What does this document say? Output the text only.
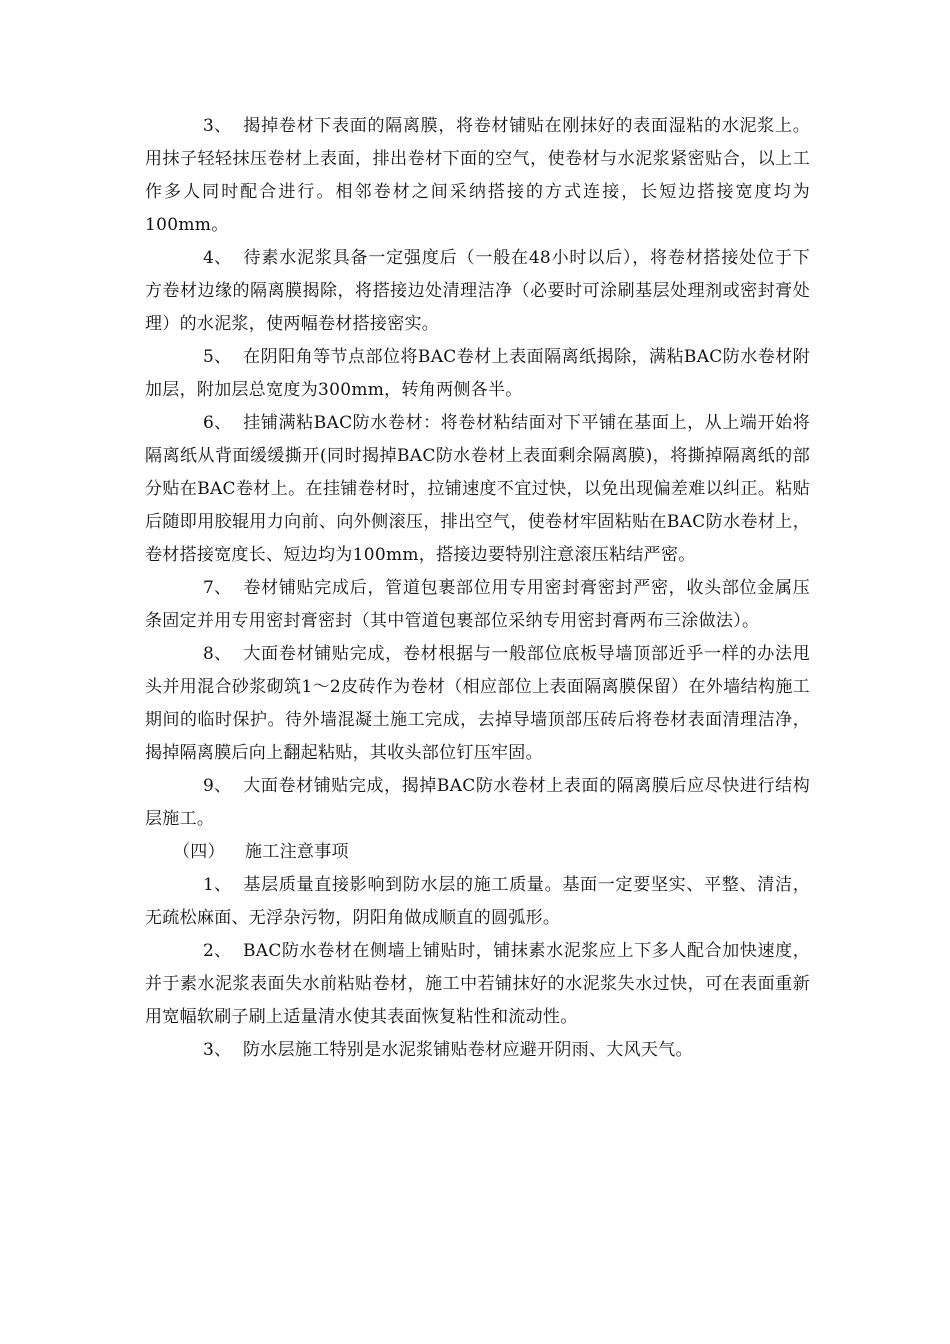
3、 揭掉卷材下表面的隔离膜，将卷材铺贴在刚抹好的表面湿粘的水泥浆上。用抹子轻轻抹压卷材上表面，排出卷材下面的空气，使卷材与水泥浆紧密贴合，以上工作多人同时配合进行。相邻卷材之间采纳搭接的方式连接，长短边搭接宽度均为100mm。

4、 待素水泥浆具备一定强度后（一般在48小时以后），将卷材搭接处位于下方卷材边缘的隔离膜揭除，将搭接边处清理洁净（必要时可涂刷基层处理剂或密封膏处理）的水泥浆，使两幅卷材搭接密实。

5、 在阴阳角等节点部位将BAC卷材上表面隔离纸揭除，满粘BAC防水卷材附加层，附加层总宽度为300mm，转角两侧各半。

6、 挂铺满粘BAC防水卷材：将卷材粘结面对下平铺在基面上，从上端开始将隔离纸从背面缓缓撕开(同时揭掉BAC防水卷材上表面剩余隔离膜)，将撕掉隔离纸的部分贴在BAC卷材上。在挂铺卷材时，拉铺速度不宜过快，以免出现偏差难以纠正。粘贴后随即用胶辊用力向前、向外侧滚压，排出空气，使卷材牢固粘贴在BAC防水卷材上，卷材搭接宽度长、短边均为100mm，搭接边要特别注意滚压粘结严密。

7、 卷材铺贴完成后，管道包裹部位用专用密封膏密封严密，收头部位金属压条固定并用专用密封膏密封（其中管道包裹部位采纳专用密封膏两布三涂做法）。

8、 大面卷材铺贴完成，卷材根据与一般部位底板导墙顶部近乎一样的办法甩头并用混合砂浆砌筑1～2皮砖作为卷材（相应部位上表面隔离膜保留）在外墙结构施工期间的临时保护。待外墙混凝土施工完成，去掉导墙顶部压砖后将卷材表面清理洁净，揭掉隔离膜后向上翻起粘贴，其收头部位钉压牢固。

9、 大面卷材铺贴完成，揭掉BAC防水卷材上表面的隔离膜后应尽快进行结构层施工。

（四） 施工注意事项

1、 基层质量直接影响到防水层的施工质量。基面一定要坚实、平整、清洁，无疏松麻面、无浮杂污物，阴阳角做成顺直的圆弧形。

2、 BAC防水卷材在侧墙上铺贴时，铺抹素水泥浆应上下多人配合加快速度，并于素水泥浆表面失水前粘贴卷材，施工中若铺抹好的水泥浆失水过快，可在表面重新用宽幅软刷子刷上适量清水使其表面恢复粘性和流动性。

3、 防水层施工特别是水泥浆铺贴卷材应避开阴雨、大风天气。
